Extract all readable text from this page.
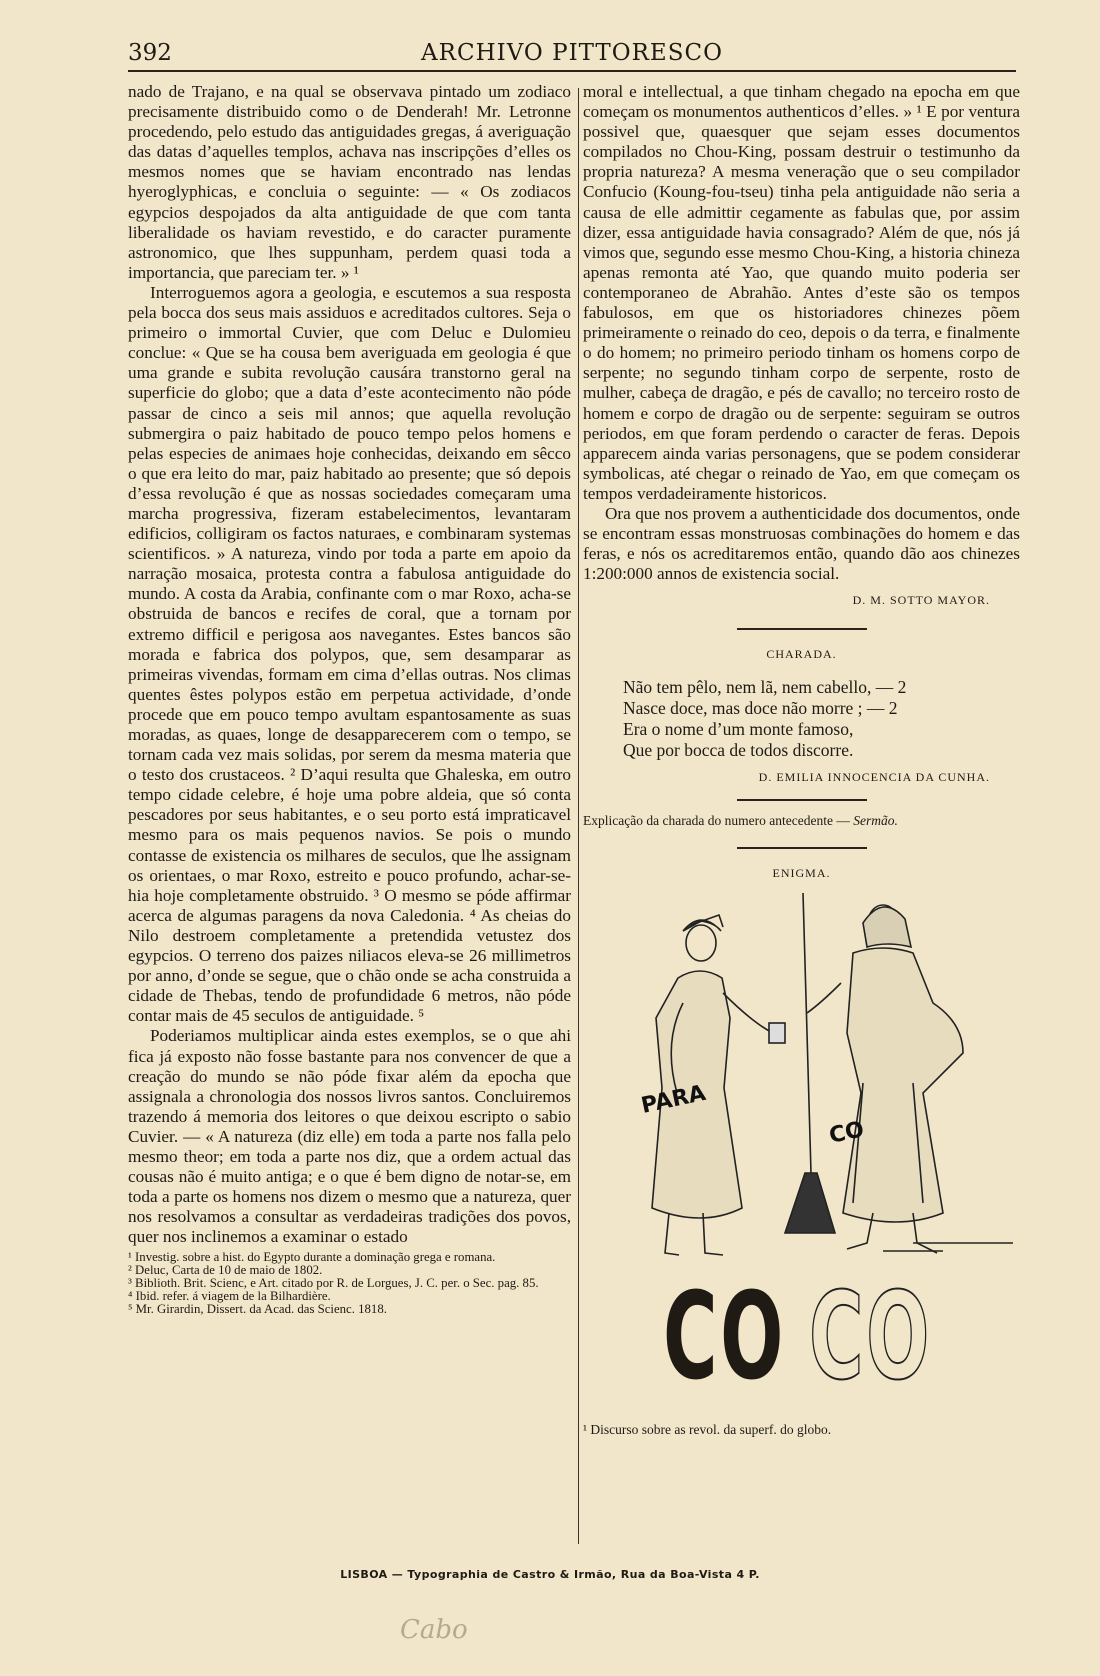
392	ARCHIVO PITTORESCO

nado de Trajano, e na qual se observava pintado um zodiaco precisamente distribuido como o de Denderah! Mr. Letronne procedendo, pelo estudo das antiguidades gregas, á averiguação das datas d’aquelles templos, achava nas inscripções d’elles os mesmos nomes que se haviam encontrado nas lendas hyeroglyphicas, e concluia o seguinte: — « Os zodiacos egypcios despojados da alta antiguidade de que com tanta liberalidade os haviam revestido, e do caracter puramente astronomico, que lhes suppunham, perdem quasi toda a importancia, que pareciam ter. » ¹

Interroguemos agora a geologia, e escutemos a sua resposta pela bocca dos seus mais assiduos e acreditados cultores. Seja o primeiro o immortal Cuvier, que com Deluc e Dulomieu conclue: « Que se ha cousa bem averiguada em geologia é que uma grande e subita revolução causára transtorno geral na superficie do globo; que a data d’este acontecimento não póde passar de cinco a seis mil annos; que aquella revolução submergira o paiz habitado de pouco tempo pelos homens e pelas especies de animaes hoje conhecidas, deixando em sêcco o que era leito do mar, paiz habitado ao presente; que só depois d’essa revolução é que as nossas sociedades começaram uma marcha progressiva, fizeram estabelecimentos, levantaram edificios, colligiram os factos naturaes, e combinaram systemas scientificos. » A natureza, vindo por toda a parte em apoio da narração mosaica, protesta contra a fabulosa antiguidade do mundo. A costa da Arabia, confinante com o mar Roxo, acha-se obstruida de bancos e recifes de coral, que a tornam por extremo difficil e perigosa aos navegantes. Estes bancos são morada e fabrica dos polypos, que, sem desamparar as primeiras vivendas, formam em cima d’ellas outras. Nos climas quentes êstes polypos estão em perpetua actividade, d’onde procede que em pouco tempo avultam espantosamente as suas moradas, as quaes, longe de desapparecerem com o tempo, se tornam cada vez mais solidas, por serem da mesma materia que o testo dos crustaceos. ² D’aqui resulta que Ghaleska, em outro tempo cidade celebre, é hoje uma pobre aldeia, que só conta pescadores por seus habitantes, e o seu porto está impraticavel mesmo para os mais pequenos navios. Se pois o mundo contasse de existencia os milhares de seculos, que lhe assignam os orientaes, o mar Roxo, estreito e pouco profundo, achar-se-hia hoje completamente obstruido. ³ O mesmo se póde affirmar acerca de algumas paragens da nova Caledonia. ⁴ As cheias do Nilo destroem completamente a pretendida vetustez dos egypcios. O terreno dos paizes niliacos eleva-se 26 millimetros por anno, d’onde se segue, que o chão onde se acha construida a cidade de Thebas, tendo de profundidade 6 metros, não póde contar mais de 45 seculos de antiguidade. ⁵

Poderiamos multiplicar ainda estes exemplos, se o que ahi fica já exposto não fosse bastante para nos convencer de que a creação do mundo se não póde fixar além da epocha que assignala a chronologia dos nossos livros santos. Concluiremos trazendo á memoria dos leitores o que deixou escripto o sabio Cuvier. — « A natureza (diz elle) em toda a parte nos falla pelo mesmo theor; em toda a parte nos diz, que a ordem actual das cousas não é muito antiga; e o que é bem digno de notar-se, em toda a parte os homens nos dizem o mesmo que a natureza, quer nos resolvamos a consultar as verdadeiras tradições dos povos, quer nos inclinemos a examinar o estado

¹ Investig. sobre a hist. do Egypto durante a dominação grega e romana.
² Deluc, Carta de 10 de maio de 1802.
³ Biblioth. Brit. Scienc, e Art. citado por R. de Lorgues, J. C. per. o Sec. pag. 85.
⁴ Ibid. refer. á viagem de la Bilhardière.
⁵ Mr. Girardin, Dissert. da Acad. das Scienc. 1818.

moral e intellectual, a que tinham chegado na epocha em que começam os monumentos authenticos d’elles. » ¹ E por ventura possivel que, quaesquer que sejam esses documentos compilados no Chou-King, possam destruir o testimunho da propria natureza? A mesma veneração que o seu compilador Confucio (Koung-fou-tseu) tinha pela antiguidade não seria a causa de elle admittir cegamente as fabulas que, por assim dizer, essa antiguidade havia consagrado? Além de que, nós já vimos que, segundo esse mesmo Chou-King, a historia chineza apenas remonta até Yao, que quando muito poderia ser contemporaneo de Abrahão. Antes d’este são os tempos fabulosos, em que os historiadores chinezes põem primeiramente o reinado do ceo, depois o da terra, e finalmente o do homem; no primeiro periodo tinham os homens corpo de serpente; no segundo tinham corpo de serpente, rosto de mulher, cabeça de dragão, e pés de cavallo; no terceiro rosto de homem e corpo de dragão ou de serpente: seguiram se outros periodos, em que foram perdendo o caracter de feras. Depois apparecem ainda varias personagens, que se podem considerar symbolicas, até chegar o reinado de Yao, em que começam os tempos verdadeiramente historicos.

Ora que nos provem a authenticidade dos documentos, onde se encontram essas monstruosas combinações do homem e das feras, e nós os acreditaremos então, quando dão aos chinezes 1:200:000 annos de existencia social.

D. M. SOTTO MAYOR.
CHARADA.
Não tem pêlo, nem lã, nem cabello, — 2
Nasce doce, mas doce não morre ; — 2
Era o nome d’um monte famoso,
Que por bocca de todos discorre.
D. EMILIA INNOCENCIA DA CUNHA.
Explicação da charada do numero antecedente — Sermão.
ENIGMA.
PARA
CO
CO CO
¹ Discurso sobre as revol. da superf. do globo.
LISBOA — Typographia de Castro & Irmão, Rua da Boa-Vista 4 P.
Cabo
